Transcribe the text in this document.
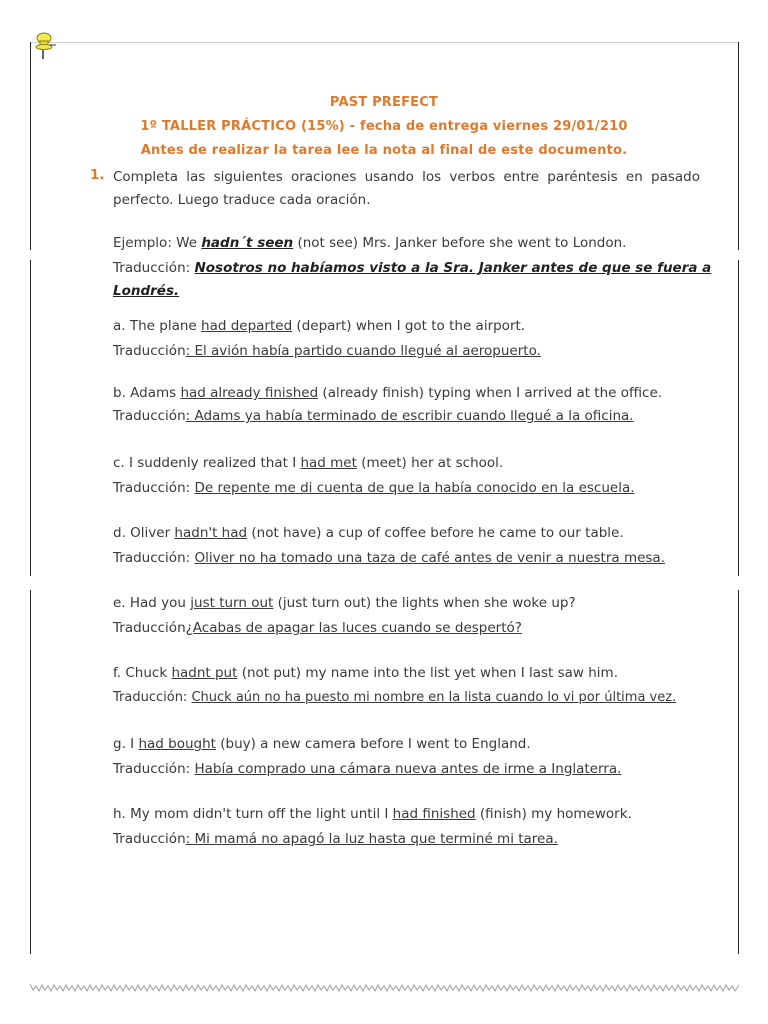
PAST PREFECT
1º TALLER PRÁCTICO (15%) - fecha de entrega viernes 29/01/210
Antes de realizar la tarea lee la nota al final de este documento.
1. Completa las siguientes oraciones usando los verbos entre paréntesis en pasado perfecto. Luego traduce cada oración.
Ejemplo: We hadn´t seen (not see) Mrs. Janker before she went to London.
Traducción: Nosotros no habíamos visto a la Sra. Janker antes de que se fuera a
Londrés.
a. The plane had departed (depart) when I got to the airport.
Traducción: El avión había partido cuando llegué al aeropuerto.
b. Adams had already finished (already finish) typing when I arrived at the office.
Traducción: Adams ya había terminado de escribir cuando llegué a la oficina.
c. I suddenly realized that I had met (meet) her at school.
Traducción: De repente me di cuenta de que la había conocido en la escuela.
d. Oliver hadn't had (not have) a cup of coffee before he came to our table.
Traducción: Oliver no ha tomado una taza de café antes de venir a nuestra mesa.
e. Had you just turn out (just turn out) the lights when she woke up?
Traducción¿Acabas de apagar las luces cuando se despertó?
f. Chuck hadnt put (not put) my name into the list yet when I last saw him.
Traducción: Chuck aún no ha puesto mi nombre en la lista cuando lo vi por última vez.
g. I had bought (buy) a new camera before I went to England.
Traducción: Había comprado una cámara nueva antes de irme a Inglaterra.
h. My mom didn't turn off the light until I had finished (finish) my homework.
Traducción: Mi mamá no apagó la luz hasta que terminé mi tarea.
